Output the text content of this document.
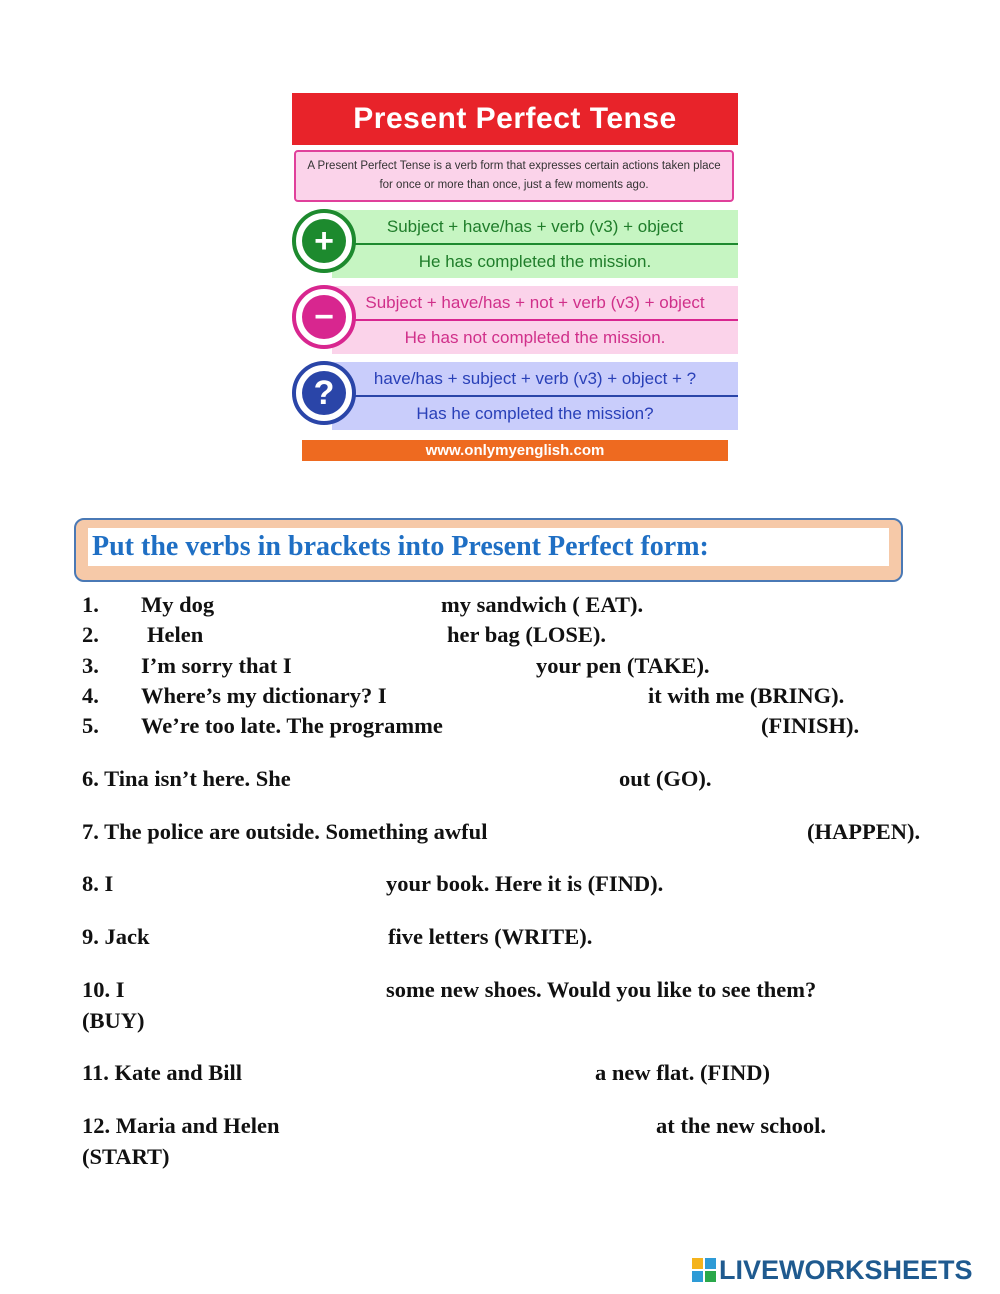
Present Perfect Tense
A Present Perfect Tense is a verb form that expresses certain actions taken place for once or more than once, just a few moments ago.
Subject + have/has + verb (v3) + object
He has completed the mission.
+
Subject + have/has + not + verb (v3) + object
He has not completed the mission.
−
have/has + subject + verb (v3) + object + ?
Has he completed the mission?
?
www.onlymyenglish.com
Put the verbs in brackets into Present Perfect form:
1. My dog	my sandwich ( EAT).
2. Helen	her bag (LOSE).
3. I’m sorry that I	your pen (TAKE).
4. Where’s my dictionary? I	it with me (BRING).
5. We’re too late. The programme	(FINISH).
6. Tina isn’t here. She	out (GO).
7. The police are outside. Something awful	(HAPPEN).
8. I	your book. Here it is (FIND).
9. Jack	five letters (WRITE).
10. I	some new shoes. Would you like to see them?
(BUY)
11. Kate and Bill	a new flat. (FIND)
12. Maria and Helen	at the new school.
(START)
LIVEWORKSHEETS
